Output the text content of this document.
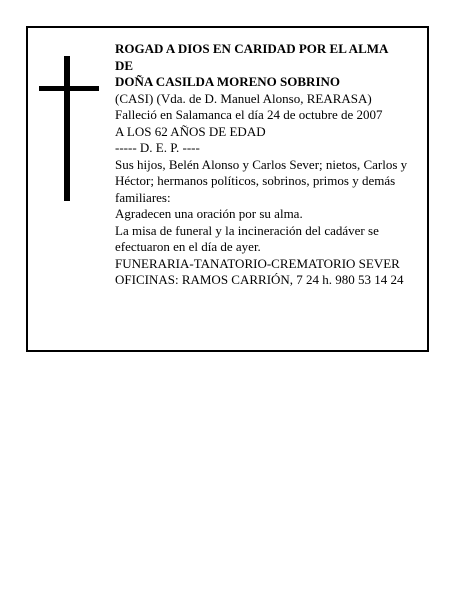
ROGAD A DIOS EN CARIDAD POR EL ALMA

DE

DOÑA CASILDA MORENO SOBRINO

(CASI) (Vda. de D. Manuel Alonso, REARASA)

Falleció en Salamanca el día 24 de octubre de 2007

A LOS 62 AÑOS DE EDAD

----- D. E. P. ----

Sus hijos, Belén Alonso y Carlos Sever; nietos, Carlos y Héctor; hermanos políticos, sobrinos, primos y demás familiares:

Agradecen una oración por su alma.

La misa de funeral y la incineración del cadáver se efectuaron en el día de ayer.

FUNERARIA-TANATORIO-CREMATORIO SEVER

OFICINAS: RAMOS CARRIÓN, 7 24 h. 980 53 14 24
